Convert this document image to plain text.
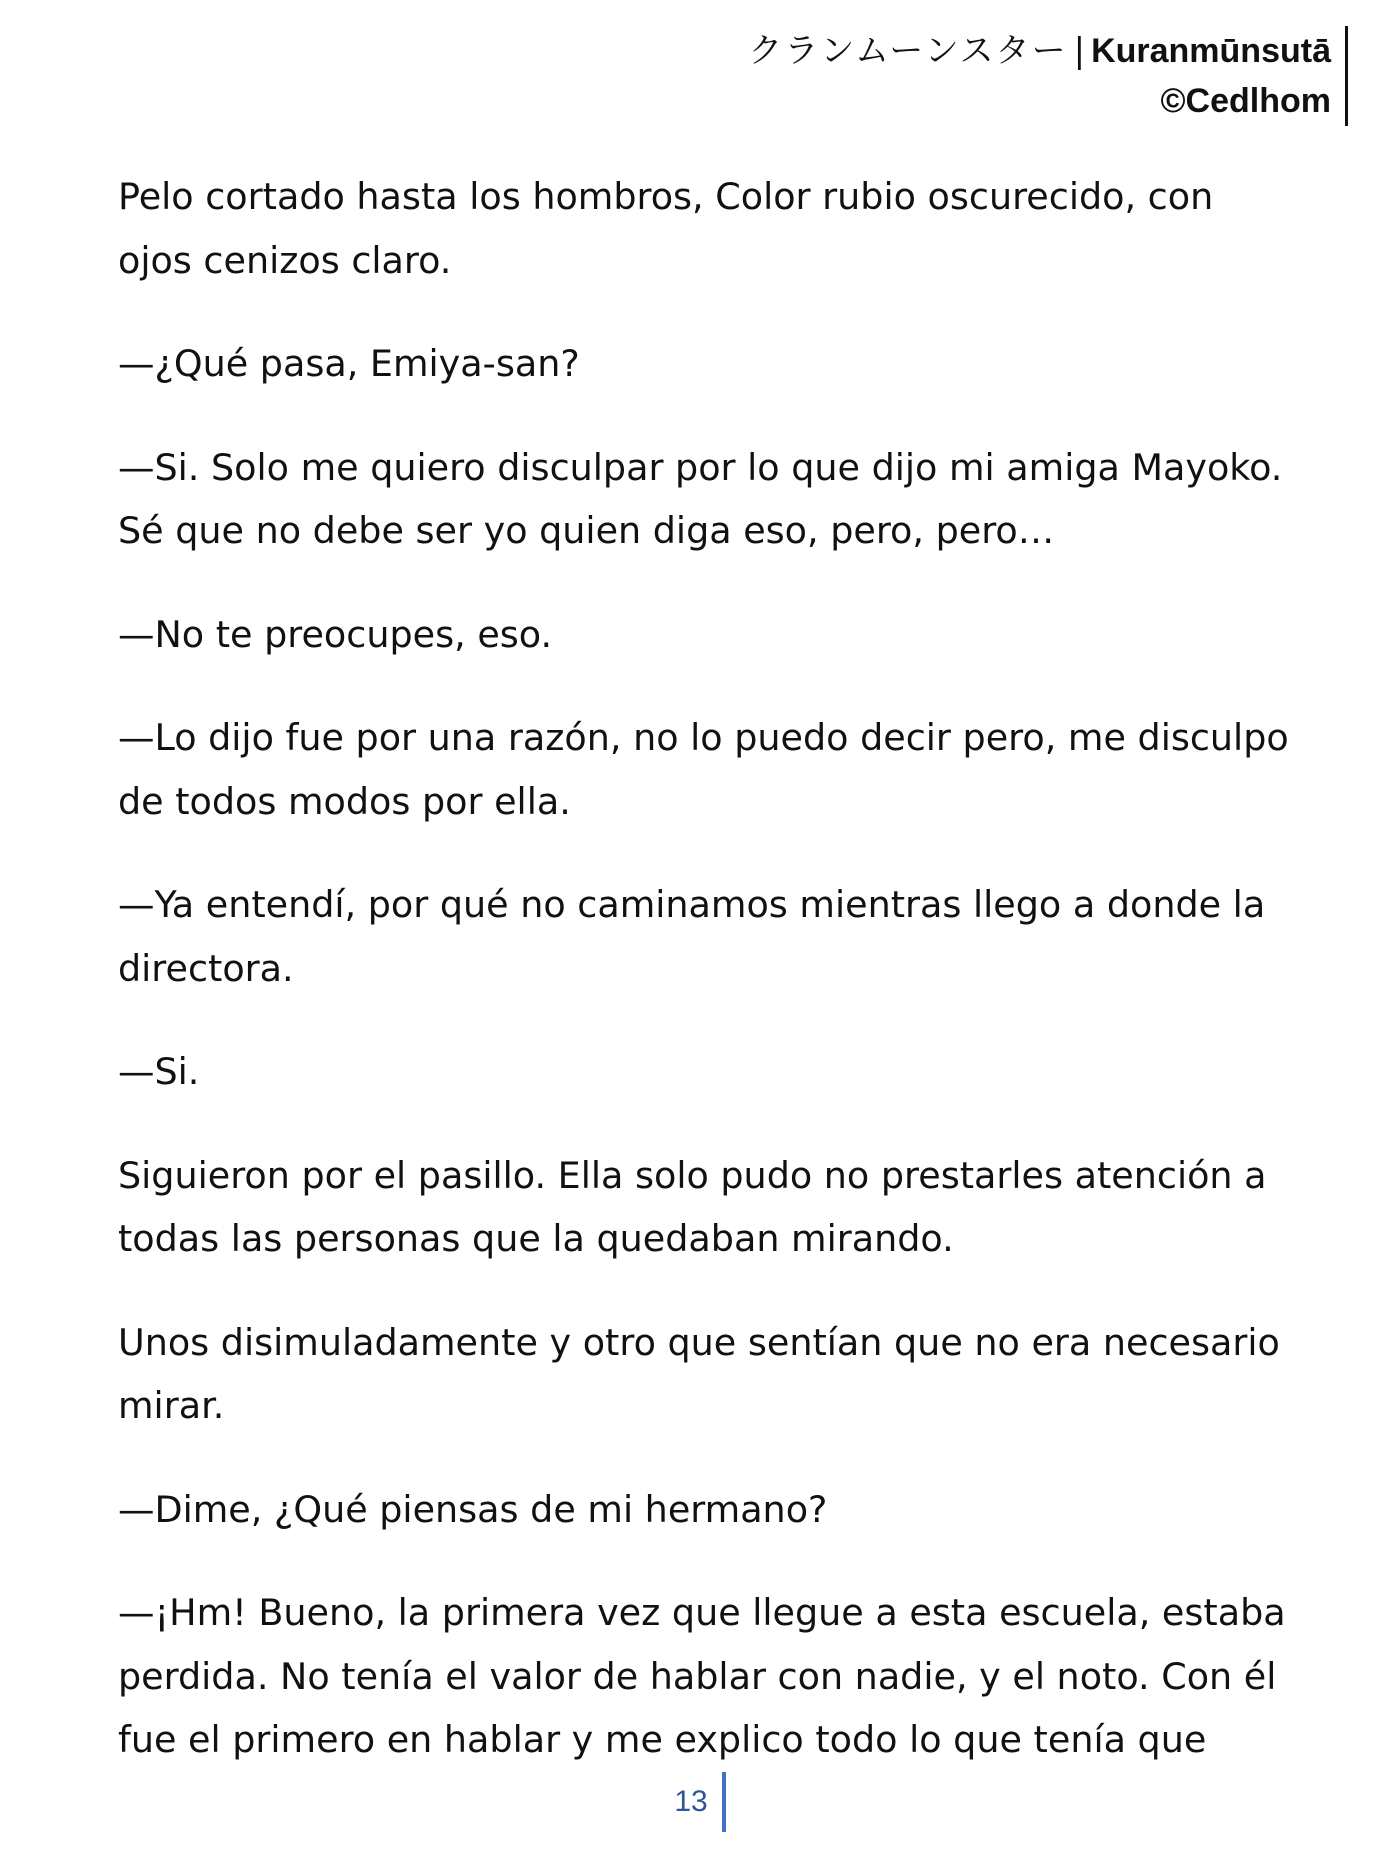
クランムーンスター | Kuranmūnsutā
©Cedlhom

Pelo cortado hasta los hombros, Color rubio oscurecido, con ojos cenizos claro.

—¿Qué pasa, Emiya-san?

—Si. Solo me quiero disculpar por lo que dijo mi amiga Mayoko. Sé que no debe ser yo quien diga eso, pero, pero…

—No te preocupes, eso.

—Lo dijo fue por una razón, no lo puedo decir pero, me disculpo de todos modos por ella.

—Ya entendí, por qué no caminamos mientras llego a donde la directora.

—Si.

Siguieron por el pasillo. Ella solo pudo no prestarles atención a todas las personas que la quedaban mirando.

Unos disimuladamente y otro que sentían que no era necesario mirar.

—Dime, ¿Qué piensas de mi hermano?

—¡Hm! Bueno, la primera vez que llegue a esta escuela, estaba perdida. No tenía el valor de hablar con nadie, y el noto. Con él fue el primero en hablar y me explico todo lo que tenía que

13
